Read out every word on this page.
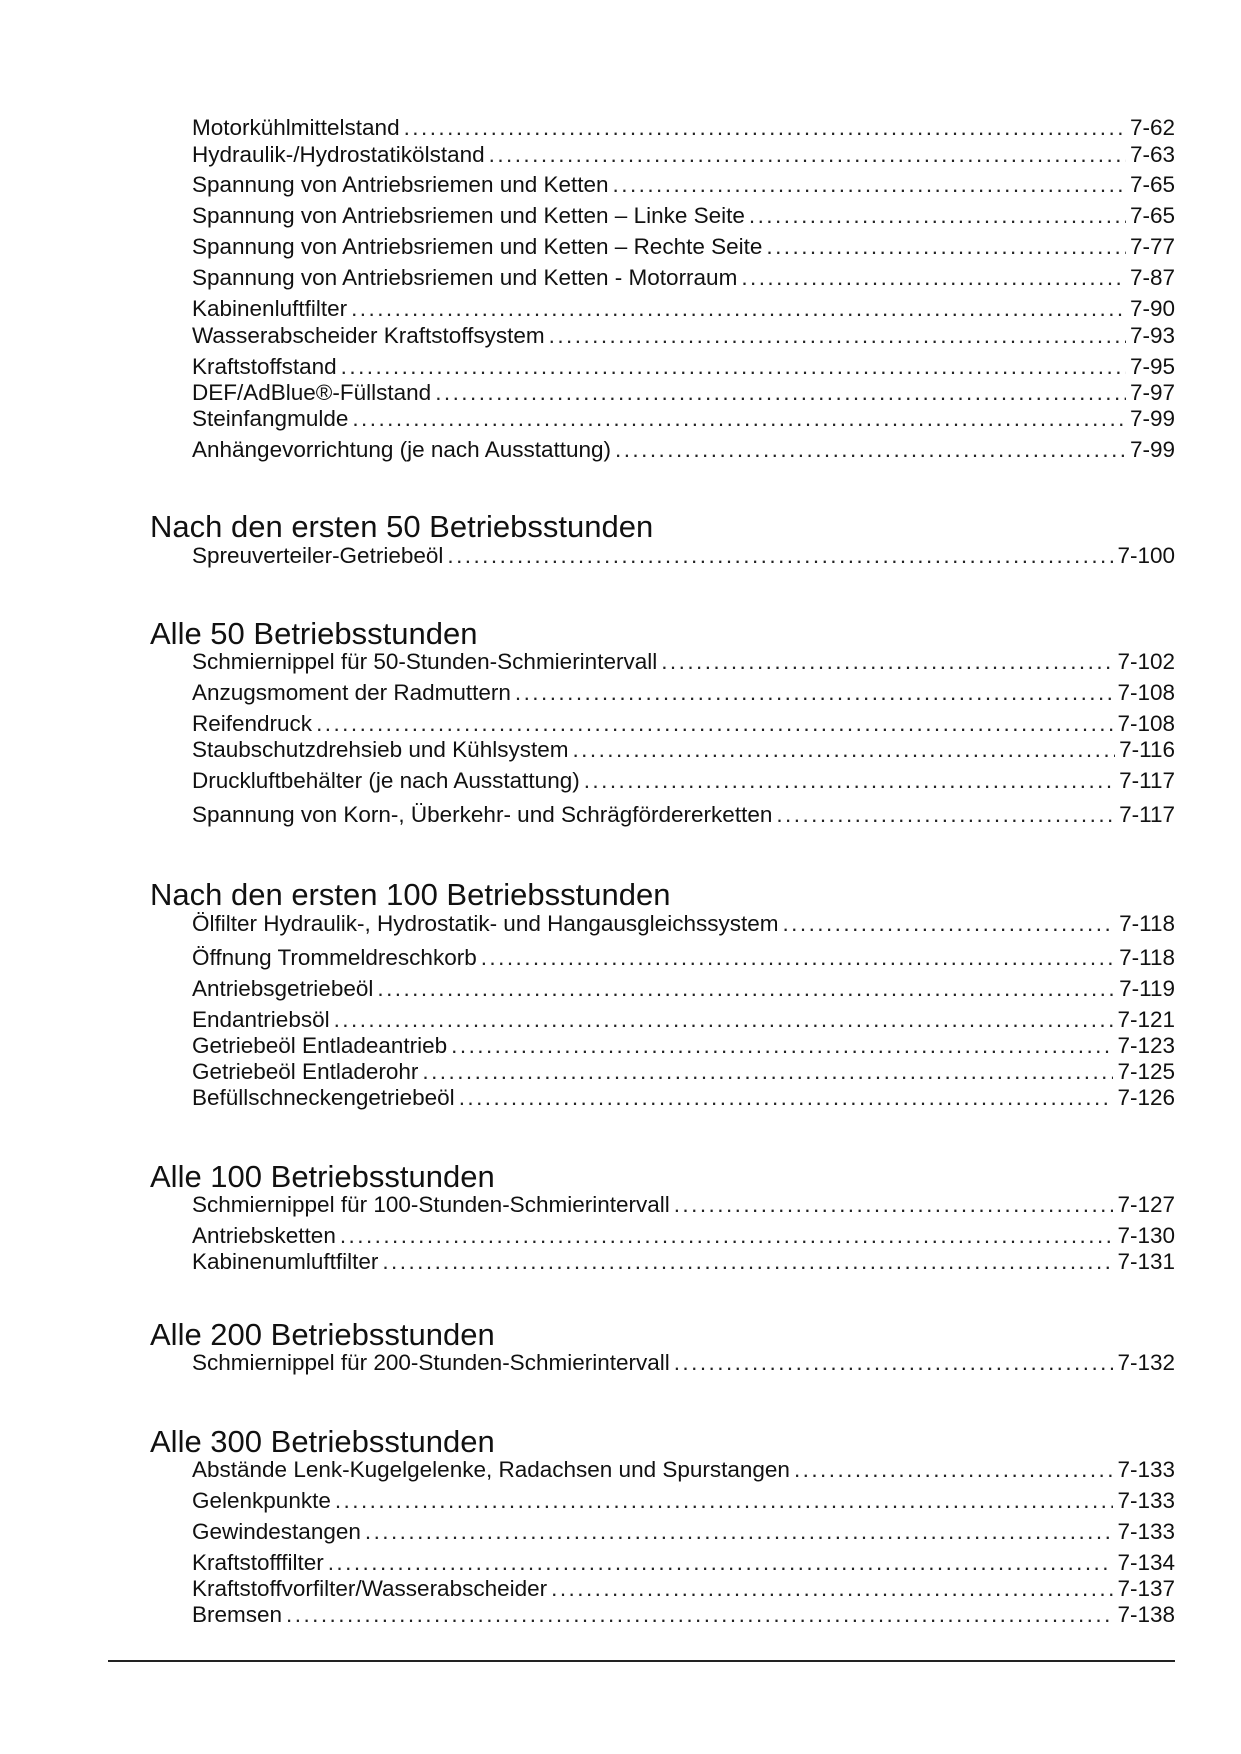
Motorkühlmittelstand . . .	7-62
Hydraulik-/Hydrostatikölstand . . .	7-63
Spannung von Antriebsriemen und Ketten . . .	7-65
Spannung von Antriebsriemen und Ketten – Linke Seite . . .	7-65
Spannung von Antriebsriemen und Ketten – Rechte Seite . . .	7-77
Spannung von Antriebsriemen und Ketten - Motorraum . . .	7-87
Kabinenluftfilter . . .	7-90
Wasserabscheider Kraftstoffsystem . . .	7-93
Kraftstoffstand . . .	7-95
DEF/AdBlue®-Füllstand . . .	7-97
Steinfangmulde . . .	7-99
Anhängevorrichtung (je nach Ausstattung) . . .	7-99
Nach den ersten 50 Betriebsstunden
Spreuverteiler-Getriebeöl . . .	7-100
Alle 50 Betriebsstunden
Schmiernippel für 50-Stunden-Schmierintervall . . .	7-102
Anzugsmoment der Radmuttern . . .	7-108
Reifendruck . . .	7-108
Staubschutzdrehsieb und Kühlsystem . . .	7-116
Druckluftbehälter (je nach Ausstattung) . . .	7-117
Spannung von Korn-, Überkehr- und Schrägfördererketten . . .	7-117
Nach den ersten 100 Betriebsstunden
Ölfilter Hydraulik-, Hydrostatik- und Hangausgleichssystem . . .	7-118
Öffnung Trommeldreschkorb . . .	7-118
Antriebsgetriebeöl . . .	7-119
Endantriebsöl . . .	7-121
Getriebeöl Entladeantrieb . . .	7-123
Getriebeöl Entladerohr . . .	7-125
Befüllschneckengetriebeöl . . .	7-126
Alle 100 Betriebsstunden
Schmiernippel für 100-Stunden-Schmierintervall . . .	7-127
Antriebsketten . . .	7-130
Kabinenumluftfilter . . .	7-131
Alle 200 Betriebsstunden
Schmiernippel für 200-Stunden-Schmierintervall . . .	7-132
Alle 300 Betriebsstunden
Abstände Lenk-Kugelgelenke, Radachsen und Spurstangen . . .	7-133
Gelenkpunkte . . .	7-133
Gewindestangen . . .	7-133
Kraftstofffilter . . .	7-134
Kraftstoffvorfilter/Wasserabscheider . . .	7-137
Bremsen . . .	7-138
